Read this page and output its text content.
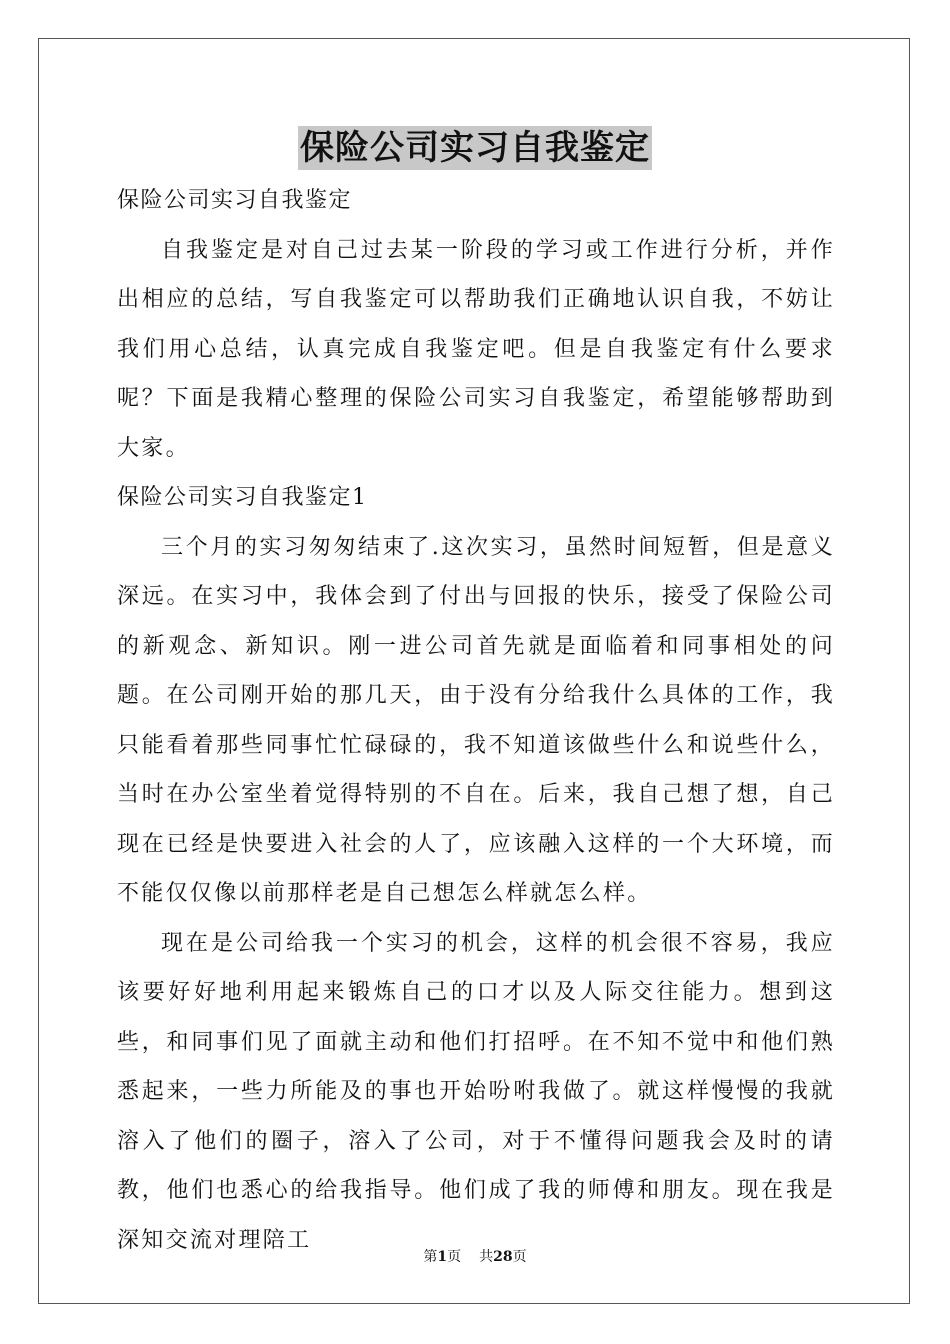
保险公司实习自我鉴定

保险公司实习自我鉴定

自我鉴定是对自己过去某一阶段的学习或工作进行分析，并作出相应的总结，写自我鉴定可以帮助我们正确地认识自我，不妨让我们用心总结，认真完成自我鉴定吧。但是自我鉴定有什么要求呢？下面是我精心整理的保险公司实习自我鉴定，希望能够帮助到大家。

保险公司实习自我鉴定1

三个月的实习匆匆结束了.这次实习，虽然时间短暂，但是意义深远。在实习中，我体会到了付出与回报的快乐，接受了保险公司的新观念、新知识。刚一进公司首先就是面临着和同事相处的问题。在公司刚开始的那几天，由于没有分给我什么具体的工作，我只能看着那些同事忙忙碌碌的，我不知道该做些什么和说些什么，当时在办公室坐着觉得特别的不自在。后来，我自己想了想，自己现在已经是快要进入社会的人了，应该融入这样的一个大环境，而不能仅仅像以前那样老是自己想怎么样就怎么样。

现在是公司给我一个实习的机会，这样的机会很不容易，我应该要好好地利用起来锻炼自己的口才以及人际交往能力。想到这些，和同事们见了面就主动和他们打招呼。在不知不觉中和他们熟悉起来，一些力所能及的事也开始吩咐我做了。就这样慢慢的我就溶入了他们的圈子，溶入了公司，对于不懂得问题我会及时的请教，他们也悉心的给我指导。他们成了我的师傅和朋友。现在我是深知交流对理陪工

第1页 共28页
